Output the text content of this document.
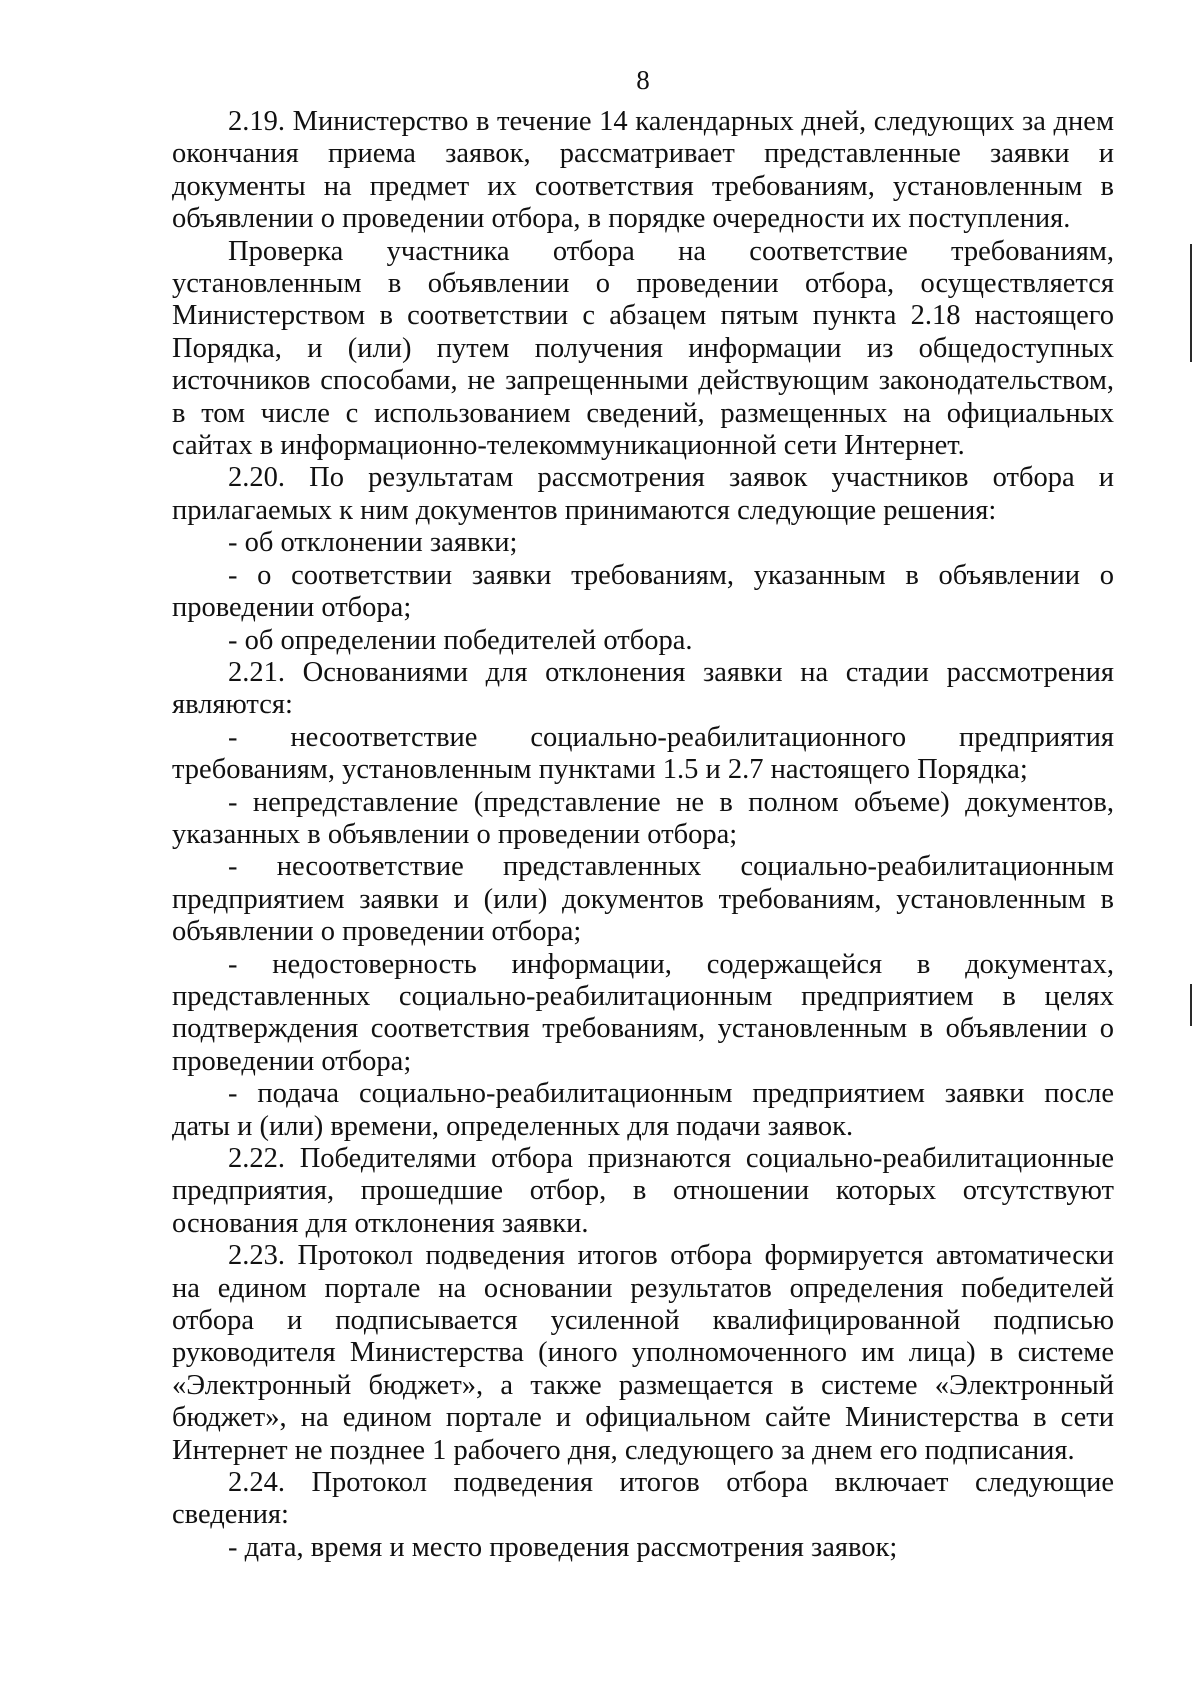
8

2.19. Министерство в течение 14 календарных дней, следующих за днем окончания приема заявок, рассматривает представленные заявки и документы на предмет их соответствия требованиям, установленным в объявлении о проведении отбора, в порядке очередности их поступления.

Проверка участника отбора на соответствие требованиям, установленным в объявлении о проведении отбора, осуществляется Министерством в соответствии с абзацем пятым пункта 2.18 настоящего Порядка, и (или) путем получения информации из общедоступных источников способами, не запрещенными действующим законодательством, в том числе с использованием сведений, размещенных на официальных сайтах в информационно-телекоммуникационной сети Интернет.

2.20. По результатам рассмотрения заявок участников отбора и прилагаемых к ним документов принимаются следующие решения:

- об отклонении заявки;

- о соответствии заявки требованиям, указанным в объявлении о проведении отбора;

- об определении победителей отбора.

2.21. Основаниями для отклонения заявки на стадии рассмотрения являются:

- несоответствие социально-реабилитационного предприятия требованиям, установленным пунктами 1.5 и 2.7 настоящего Порядка;

- непредставление (представление не в полном объеме) документов, указанных в объявлении о проведении отбора;

- несоответствие представленных социально-реабилитационным предприятием заявки и (или) документов требованиям, установленным в объявлении о проведении отбора;

- недостоверность информации, содержащейся в документах, представленных социально-реабилитационным предприятием в целях подтверждения соответствия требованиям, установленным в объявлении о проведении отбора;

- подача социально-реабилитационным предприятием заявки после даты и (или) времени, определенных для подачи заявок.

2.22. Победителями отбора признаются социально-реабилитационные предприятия, прошедшие отбор, в отношении которых отсутствуют основания для отклонения заявки.

2.23. Протокол подведения итогов отбора формируется автоматически на едином портале на основании результатов определения победителей отбора и подписывается усиленной квалифицированной подписью руководителя Министерства (иного уполномоченного им лица) в системе «Электронный бюджет», а также размещается в системе «Электронный бюджет», на едином портале и официальном сайте Министерства в сети Интернет не позднее 1 рабочего дня, следующего за днем его подписания.

2.24. Протокол подведения итогов отбора включает следующие сведения:

- дата, время и место проведения рассмотрения заявок;
